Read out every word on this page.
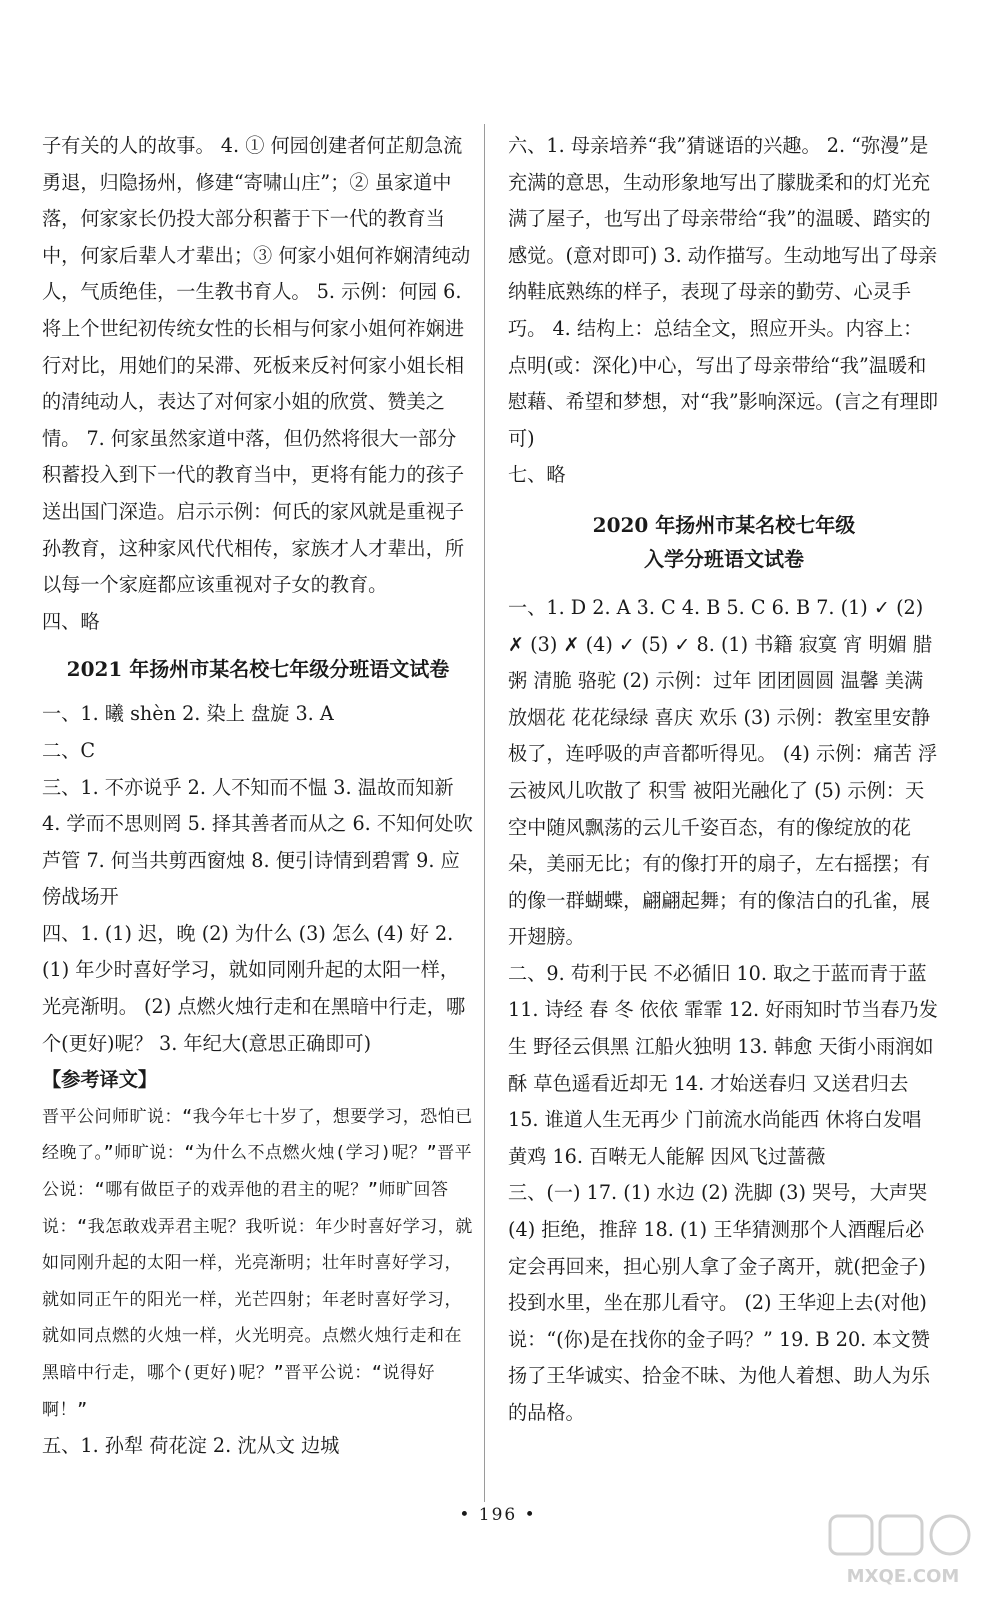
子有关的人的故事。 4. ① 何园创建者何芷舠急流勇退，归隐扬州，修建“寄啸山庄”；② 虽家道中落，何家家长仍投大部分积蓄于下一代的教育当中，何家后辈人才辈出；③ 何家小姐何祚娴清纯动人，气质绝佳，一生教书育人。 5. 示例：何园 6. 将上个世纪初传统女性的长相与何家小姐何祚娴进行对比，用她们的呆滞、死板来反衬何家小姐长相的清纯动人，表达了对何家小姐的欣赏、赞美之情。 7. 何家虽然家道中落，但仍然将很大一部分积蓄投入到下一代的教育当中，更将有能力的孩子送出国门深造。启示示例：何氏的家风就是重视子孙教育，这种家风代代相传，家族才人才辈出，所以每一个家庭都应该重视对子女的教育。

四、略

2021 年扬州市某名校七年级分班语文试卷

一、1. 曦 shèn 2. 染上 盘旋 3. A

二、C

三、1. 不亦说乎 2. 人不知而不愠 3. 温故而知新 4. 学而不思则罔 5. 择其善者而从之 6. 不知何处吹芦管 7. 何当共剪西窗烛 8. 便引诗情到碧霄 9. 应傍战场开

四、1. (1) 迟，晚 (2) 为什么 (3) 怎么 (4) 好 2. (1) 年少时喜好学习，就如同刚升起的太阳一样，光亮渐明。 (2) 点燃火烛行走和在黑暗中行走，哪个(更好)呢？ 3. 年纪大(意思正确即可)

【参考译文】

晋平公问师旷说：“我今年七十岁了，想要学习，恐怕已经晚了。”师旷说：“为什么不点燃火烛(学习)呢？”晋平公说：“哪有做臣子的戏弄他的君主的呢？”师旷回答说：“我怎敢戏弄君主呢？我听说：年少时喜好学习，就如同刚升起的太阳一样，光亮渐明；壮年时喜好学习，就如同正午的阳光一样，光芒四射；年老时喜好学习，就如同点燃的火烛一样，火光明亮。点燃火烛行走和在黑暗中行走，哪个(更好)呢？”晋平公说：“说得好啊！”

五、1. 孙犁 荷花淀 2. 沈从文 边城

六、1. 母亲培养“我”猜谜语的兴趣。 2. “弥漫”是充满的意思，生动形象地写出了朦胧柔和的灯光充满了屋子，也写出了母亲带给“我”的温暖、踏实的感觉。(意对即可) 3. 动作描写。生动地写出了母亲纳鞋底熟练的样子，表现了母亲的勤劳、心灵手巧。 4. 结构上：总结全文，照应开头。内容上：点明(或：深化)中心，写出了母亲带给“我”温暖和慰藉、希望和梦想，对“我”影响深远。(言之有理即可)

七、略

2020 年扬州市某名校七年级
入学分班语文试卷

一、1. D 2. A 3. C 4. B 5. C 6. B 7. (1) ✓ (2) ✗ (3) ✗ (4) ✓ (5) ✓ 8. (1) 书籍 寂寞 宵 明媚 腊 粥 清脆 骆驼 (2) 示例：过年 团团圆圆 温馨 美满 放烟花 花花绿绿 喜庆 欢乐 (3) 示例：教室里安静极了，连呼吸的声音都听得见。 (4) 示例：痛苦 浮云被风儿吹散了 积雪 被阳光融化了 (5) 示例：天空中随风飘荡的云儿千姿百态，有的像绽放的花朵，美丽无比；有的像打开的扇子，左右摇摆；有的像一群蝴蝶，翩翩起舞；有的像洁白的孔雀，展开翅膀。

二、9. 苟利于民 不必循旧 10. 取之于蓝而青于蓝 11. 诗经 春 冬 依依 霏霏 12. 好雨知时节当春乃发生 野径云俱黑 江船火独明 13. 韩愈 天街小雨润如酥 草色遥看近却无 14. 才始送春归 又送君归去 15. 谁道人生无再少 门前流水尚能西 休将白发唱黄鸡 16. 百啭无人能解 因风飞过蔷薇

三、(一) 17. (1) 水边 (2) 洗脚 (3) 哭号，大声哭 (4) 拒绝，推辞 18. (1) 王华猜测那个人酒醒后必定会再回来，担心别人拿了金子离开，就(把金子)投到水里，坐在那儿看守。 (2) 王华迎上去(对他)说：“(你)是在找你的金子吗？” 19. B 20. 本文赞扬了王华诚实、拾金不昧、为他人着想、助人为乐的品格。

• 196 •
MXQE.COM
